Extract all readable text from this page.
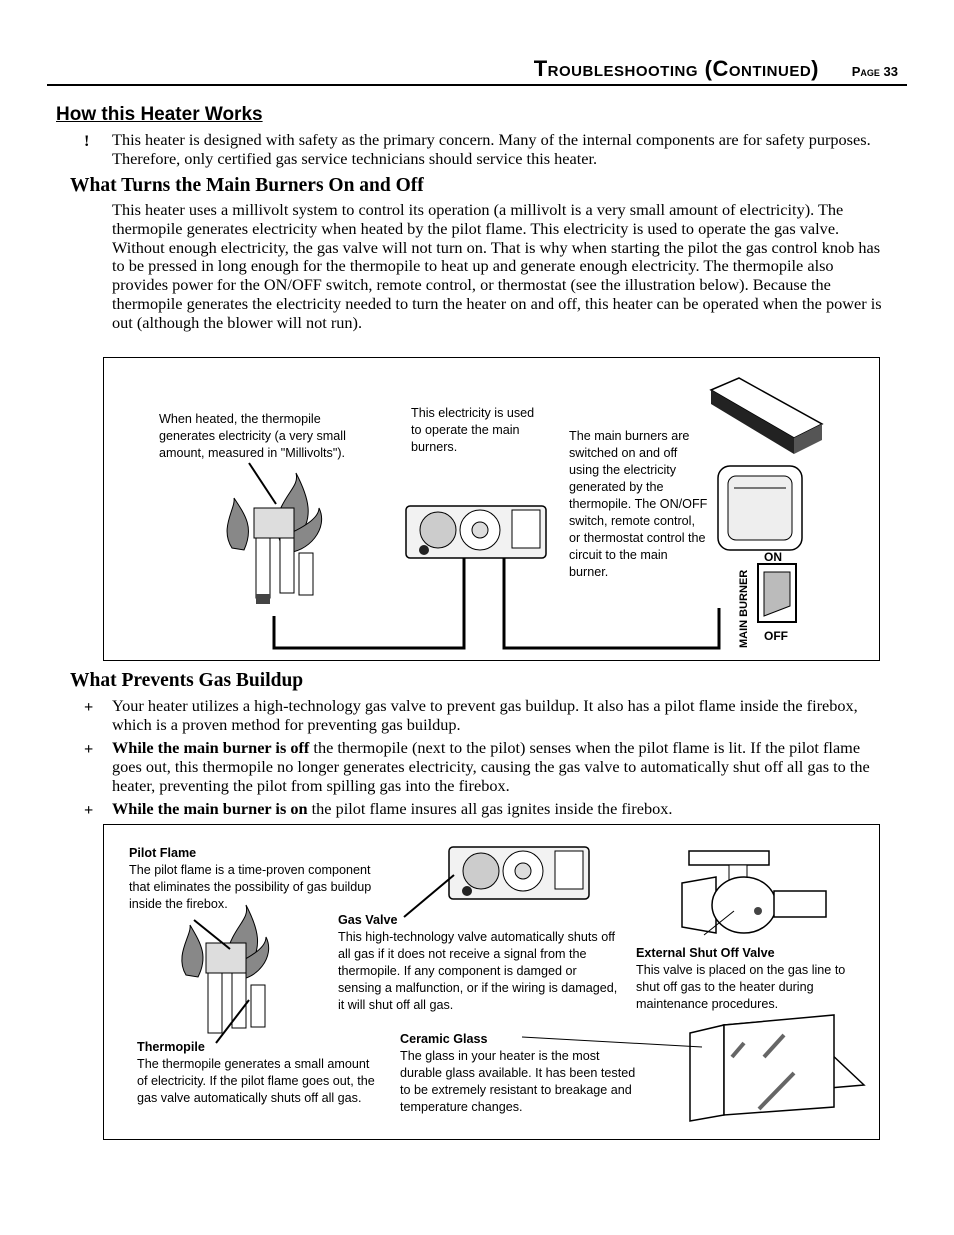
Troubleshooting (Continued)	Page 33
How this Heater Works
! This heater is designed with safety as the primary concern. Many of the internal components are for safety purposes. Therefore, only certified gas service technicians should service this heater.
What Turns the Main Burners On and Off
This heater uses a millivolt system to control its operation (a millivolt is a very small amount of electricity). The thermopile generates electricity when heated by the pilot flame. This electricity is used to operate the gas valve. Without enough electricity, the gas valve will not turn on. That is why when starting the pilot the gas control knob has to be pressed in long enough for the thermopile to heat up and generate enough electricity. The thermopile also provides power for the ON/OFF switch, remote control, or thermostat (see the illustration below). Because the thermopile generates the electricity needed to turn the heater on and off, this heater can be operated when the power is out (although the blower will not run).
ON
OFF
MAIN BURNER
When heated, the thermopile generates electricity (a very small amount, measured in "Millivolts").
This electricity is used to operate the main burners.
The main burners are switched on and off using the electricity generated by the thermopile. The ON/OFF switch, remote control, or thermostat control the circuit to the main burner.
What Prevents Gas Buildup
+ Your heater utilizes a high-technology gas valve to prevent gas buildup. It also has a pilot flame inside the firebox, which is a proven method for preventing gas buildup.
+ While the main burner is off the thermopile (next to the pilot) senses when the pilot flame is lit. If the pilot flame goes out, this thermopile no longer generates electricity, causing the gas valve to automatically shut off all gas to the heater, preventing the pilot from spilling gas into the firebox.
+ While the main burner is on the pilot flame insures all gas ignites inside the firebox.
Pilot Flame
The pilot flame is a time-proven component that eliminates the possibility of gas buildup inside the firebox.
Gas Valve
This high-technology valve automatically shuts off all gas if it does not receive a signal from the thermopile. If any component is damged or sensing a malfunction, or if the wiring is damaged, it will shut off all gas.
External Shut Off Valve
This valve is placed on the gas line to shut off gas to the heater during maintenance procedures.
Thermopile
The thermopile generates a small amount of electricity. If the pilot flame goes out, the gas valve automatically shuts off all gas.
Ceramic Glass
The glass in your heater is the most durable glass available. It has been tested to be extremely resistant to breakage and temperature changes.
